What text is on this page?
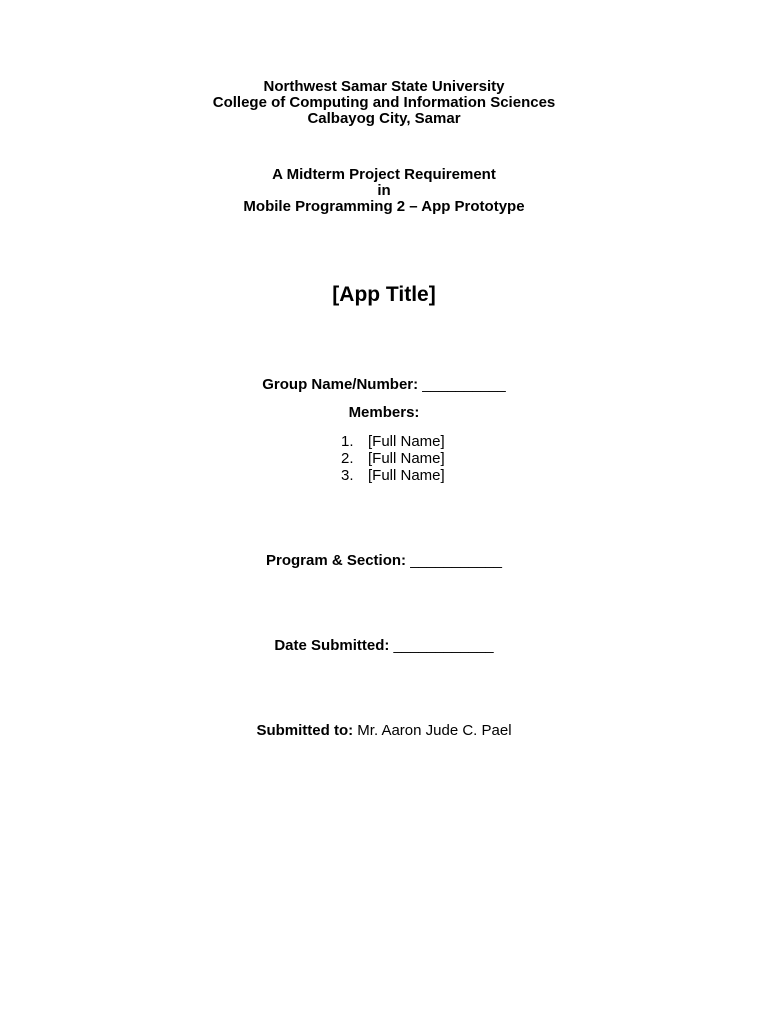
Northwest Samar State University
College of Computing and Information Sciences
Calbayog City, Samar
A Midterm Project Requirement
in
Mobile Programming 2 – App Prototype
[App Title]
Group Name/Number: __________
Members:
1 . [Full Name]
2 . [Full Name]
3 . [Full Name]
Program & Section: ___________
Date Submitted: ____________
Submitted to: Mr. Aaron Jude C. Pael
